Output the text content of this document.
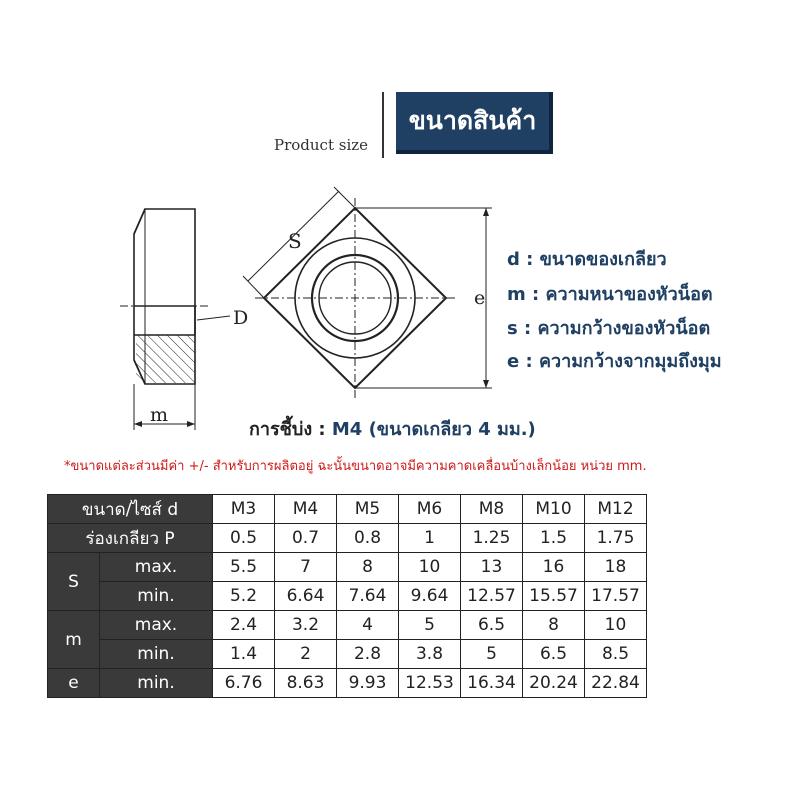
Product size
ขนาดสินค้า
D
m
S
e
d : ขนาดของเกลียว
m : ความหนาของหัวน็อต
s : ความกว้างของหัวน็อต
e : ความกว้างจากมุมถึงมุม
การชี้บ่ง : M4 (ขนาดเกลียว 4 มม.)
*ขนาดแต่ละส่วนมีค่า +/- สำหรับการผลิตอยู่ ฉะนั้นขนาดอาจมีความคาดเคลื่อนบ้างเล็กน้อย หน่วย mm.
ขนาด/ไซส์ d		M3	M4	M5	M6	M8	M10	M12
ร่องเกลียว P		0.5	0.7	0.8	1	1.25	1.5	1.75
S	max.	5.5	7	8	10	13	16	18
	min.	5.2	6.64	7.64	9.64	12.57	15.57	17.57
m	max.	2.4	3.2	4	5	6.5	8	10
	min.	1.4	2	2.8	3.8	5	6.5	8.5
e	min.	6.76	8.63	9.93	12.53	16.34	20.24	22.84
